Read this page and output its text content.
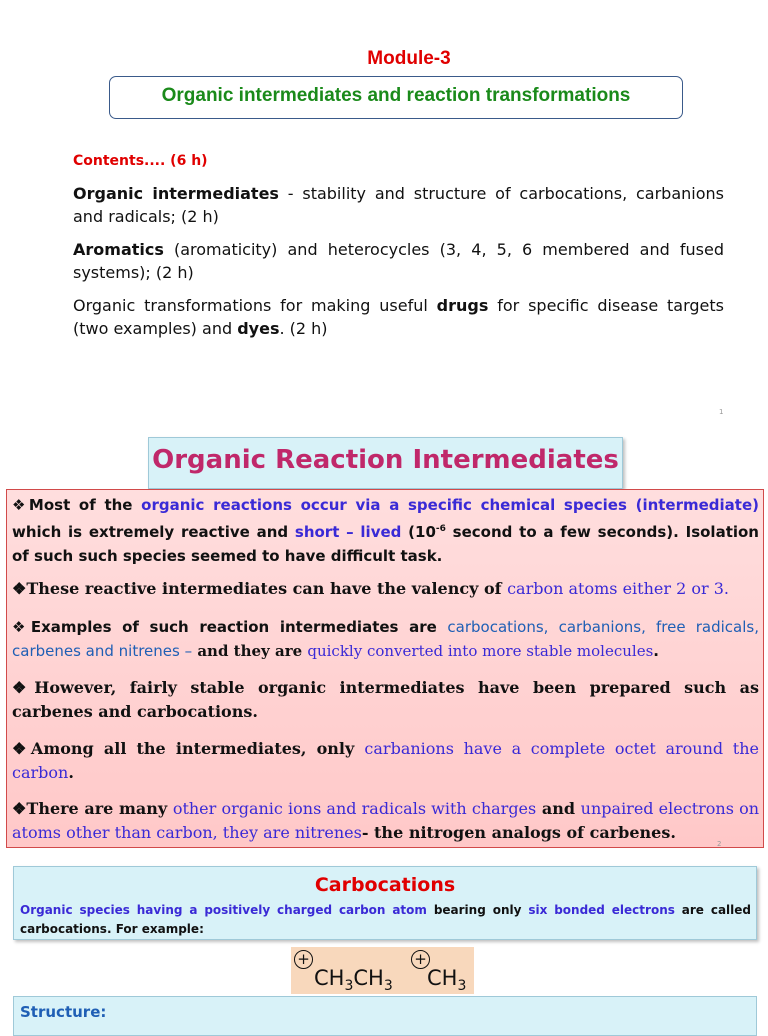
Module-3
Organic intermediates and reaction transformations
Contents.... (6 h)
Organic intermediates - stability and structure of carbocations, carbanions and radicals; (2 h)
Aromatics (aromaticity) and heterocycles (3, 4, 5, 6 membered and fused systems); (2 h)
Organic transformations for making useful drugs for specific disease targets (two examples) and dyes. (2 h)
1
Organic Reaction Intermediates
❖Most of the organic reactions occur via a specific chemical species (intermediate) which is extremely reactive and short – lived ($10^{-6}$ second to a few seconds). Isolation of such such species seemed to have difficult task.
❖These reactive intermediates can have the valency of carbon atoms either 2 or 3.
❖Examples of such reaction intermediates are carbocations, carbanions, free radicals, carbenes and nitrenes – and they are quickly converted into more stable molecules.
❖However, fairly stable organic intermediates have been prepared such as carbenes and carbocations.
❖Among all the intermediates, only carbanions have a complete octet around the carbon.
❖There are many other organic ions and radicals with charges and unpaired electrons on atoms other than carbon, they are nitrenes- the nitrogen analogs of carbenes.
2
Carbocations
Organic species having a positively charged carbon atom bearing only six bonded electrons are called carbocations. For example:
+
$CH_3CH_3$
+
$CH_3$
Structure:
